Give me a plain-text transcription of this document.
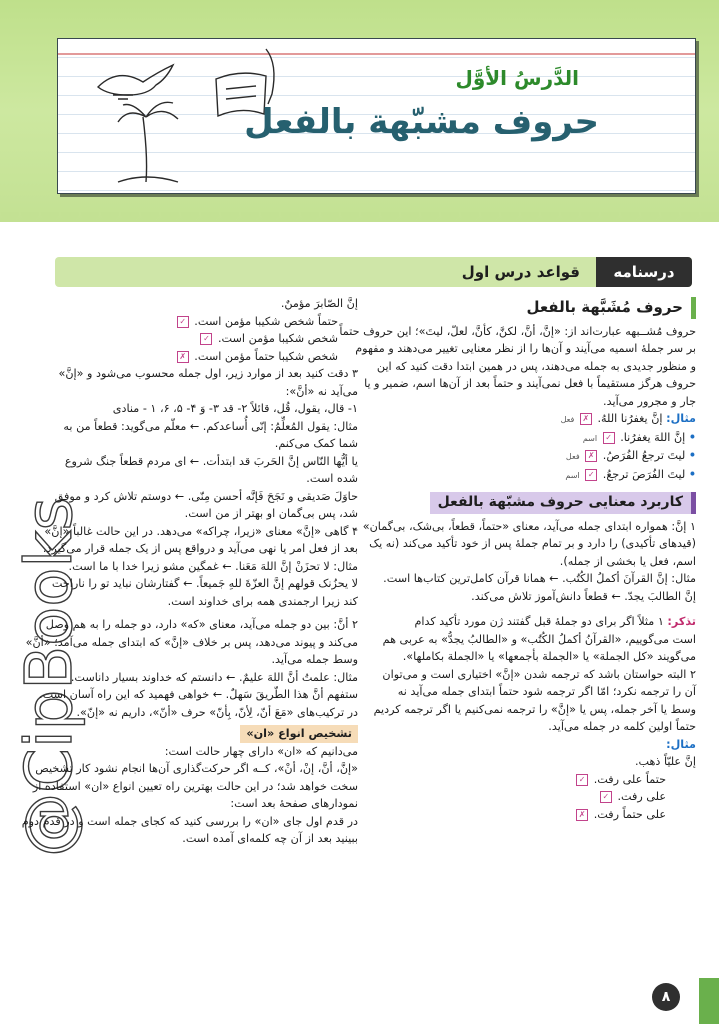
الدَّرسُ الأوَّل
حروف مشبّهة بالفعل
درسنامه
قواعد درس اول
@CipBooks
حروف مُشَبَّهة بالفعل
حروف مُشــبهه عبارت‌اند از: «إنَّ، أنَّ، لکنَّ، کأنَّ، لعلّ، لیتَ»؛ این حروف حتماً
بر سر جملهٔ اسمیه می‌آیند و آن‌ها را از نظر معنایی تغییر می‌دهند و مفهوم
و منظور جدیدی به جمله می‌دهند، پس در همین ابتدا دقت کنید که این
حروف هرگز مستقیماً با فعل نمی‌آیند و حتماً بعد از آن‌ها اسم، ضمیر و یا
جار و مجرور می‌آید.
مثال: إنَّ یغفرُنا اللهُ. ✗ فعل
• إنَّ اللهَ یغفرُنا. ✓ اسم
• لیتَ ترجعُ الفُرَصُ. ✗ فعل
• لیتَ الفُرَصَ ترجعُ. ✓ اسم
کاربرد معنایی حروف مشبّهة بالفعل
۱ إنَّ: همواره ابتدای جمله می‌آید، معنای «حتماً، قطعاً، بی‌شک، بی‌گمان»
(قیدهای تأکیدی) را دارد و بر تمام جملهٔ پس از خود تأکید می‌کند (نه یک
اسم، فعل یا بخشی از جمله).
مثال: إنَّ القرآنَ أکملُ الکُتُب. ← همانا قرآن کامل‌ترین کتاب‌ها است.
إنَّ الطالبَ یجدّ. ← قطعاً دانش‌آموز تلاش می‌کند.
تذکر: ۱ مثلاً اگر برای دو جملهٔ قبل گفتند ژن مورد تأکید کدام
است می‌گوییم، «القرآنُ أکملُ الکُتُب» و «الطالبُ یجدُّ» به عربی هم
می‌گویند «کل الجملة» یا «الجملة بأجمعها» یا «الجملة بکاملها».
۲ البته حواستان باشد که ترجمه شدن «إنَّ» اختیاری است و می‌توان
آن را ترجمه نکرد؛ امّا اگر ترجمه شود حتماً ابتدای جمله می‌آید نه
وسط یا آخر جمله، پس یا «إنَّ» را ترجمه نمی‌کنیم یا اگر ترجمه کردیم
حتماً اولین کلمه در جمله می‌آید.
مثال:
إنَّ علیّاً ذهب.
حتماً علی رفت. ✓
علی رفت. ✓
علی حتماً رفت. ✗
إنَّ الصّابرَ مؤمنٌ.
حتماً شخص شکیبا مؤمن است. ✓
شخص شکیبا مؤمن است. ✓
شخص شکیبا حتماً مؤمن است. ✗
۳ دقت کنید بعد از موارد زیر، اول جمله محسوب می‌شود و «إنَّ»
می‌آید نه «أنَّ»:
۱- قال، یقول، قُل، قائلاً ۲- قد ۳- وَ ۴- ۵، ۶، ۱ - منادی
مثال: یقول المُعلِّمُ: إنّی أُساعدکم. ← معلّم می‌گوید: قطعاً من به
شما کمک می‌کنم.
یا أیُّها النّاس إنَّ الحَربَ قد ابتدأت. ← ای مردم قطعاً جنگ شروع
شده است.
حاوَلَ صَدیقی و نَجَحَ فَإنَّه أحسن مِنّی. ← دوستم تلاش کرد و موفق
شد، پس بی‌گمان او بهتر از من است.
۴ گاهی «إنَّ» معنای «زیرا، چراکه» می‌دهد. در این حالت غالباً «إنَّ»
بعد از فعل امر یا نهی می‌آید و درواقع پس از یک جمله قرار می‌گیرد.
مثال: لا تحزَنْ إنَّ اللهَ مَعَنا. ← غمگین مشو زیرا خدا با ما است.
لا یحزُنک قولهم إنَّ العزّةَ للهِ جَمیعاً. ← گفتارشان نباید تو را ناراحت
کند زیرا ارجمندی همه برای خداوند است.
۲ أنَّ: بین دو جمله می‌آید، معنای «که» دارد، دو جمله را به هم وصل
می‌کند و پیوند می‌دهد، پس بر خلاف «إنَّ» که ابتدای جمله می‌آمد؛ «أنَّ»
وسط جمله می‌آید.
مثال: علمتُ أنَّ اللهَ علیمٌ. ← دانستم که خداوند بسیار داناست.
ستفهم أنَّ هذا الطّریقَ سَهلٌ. ← خواهی فهمید که این راه آسان است.
در ترکیب‌های «مَعَ أنّ، لِأنّ، بِأنّ» حرف «أنّ»، داریم نه «إنّ».
تشخیص انواع «ان»
می‌دانیم که «ان» دارای چهار حالت است:
«إنَّ، أنَّ، إنْ، أنْ»، کــه اگر حرکت‌گذاری آن‌ها انجام نشود کار تشخیص
سخت خواهد شد؛ در این حالت بهترین راه تعیین انواع «ان» استفاده از
نمودارهای صفحهٔ بعد است:
در قدم اول جای «ان» را بررسی کنید که کجای جمله است و در قدم دوم
ببینید بعد از آن چه کلمه‌ای آمده است.
۸
